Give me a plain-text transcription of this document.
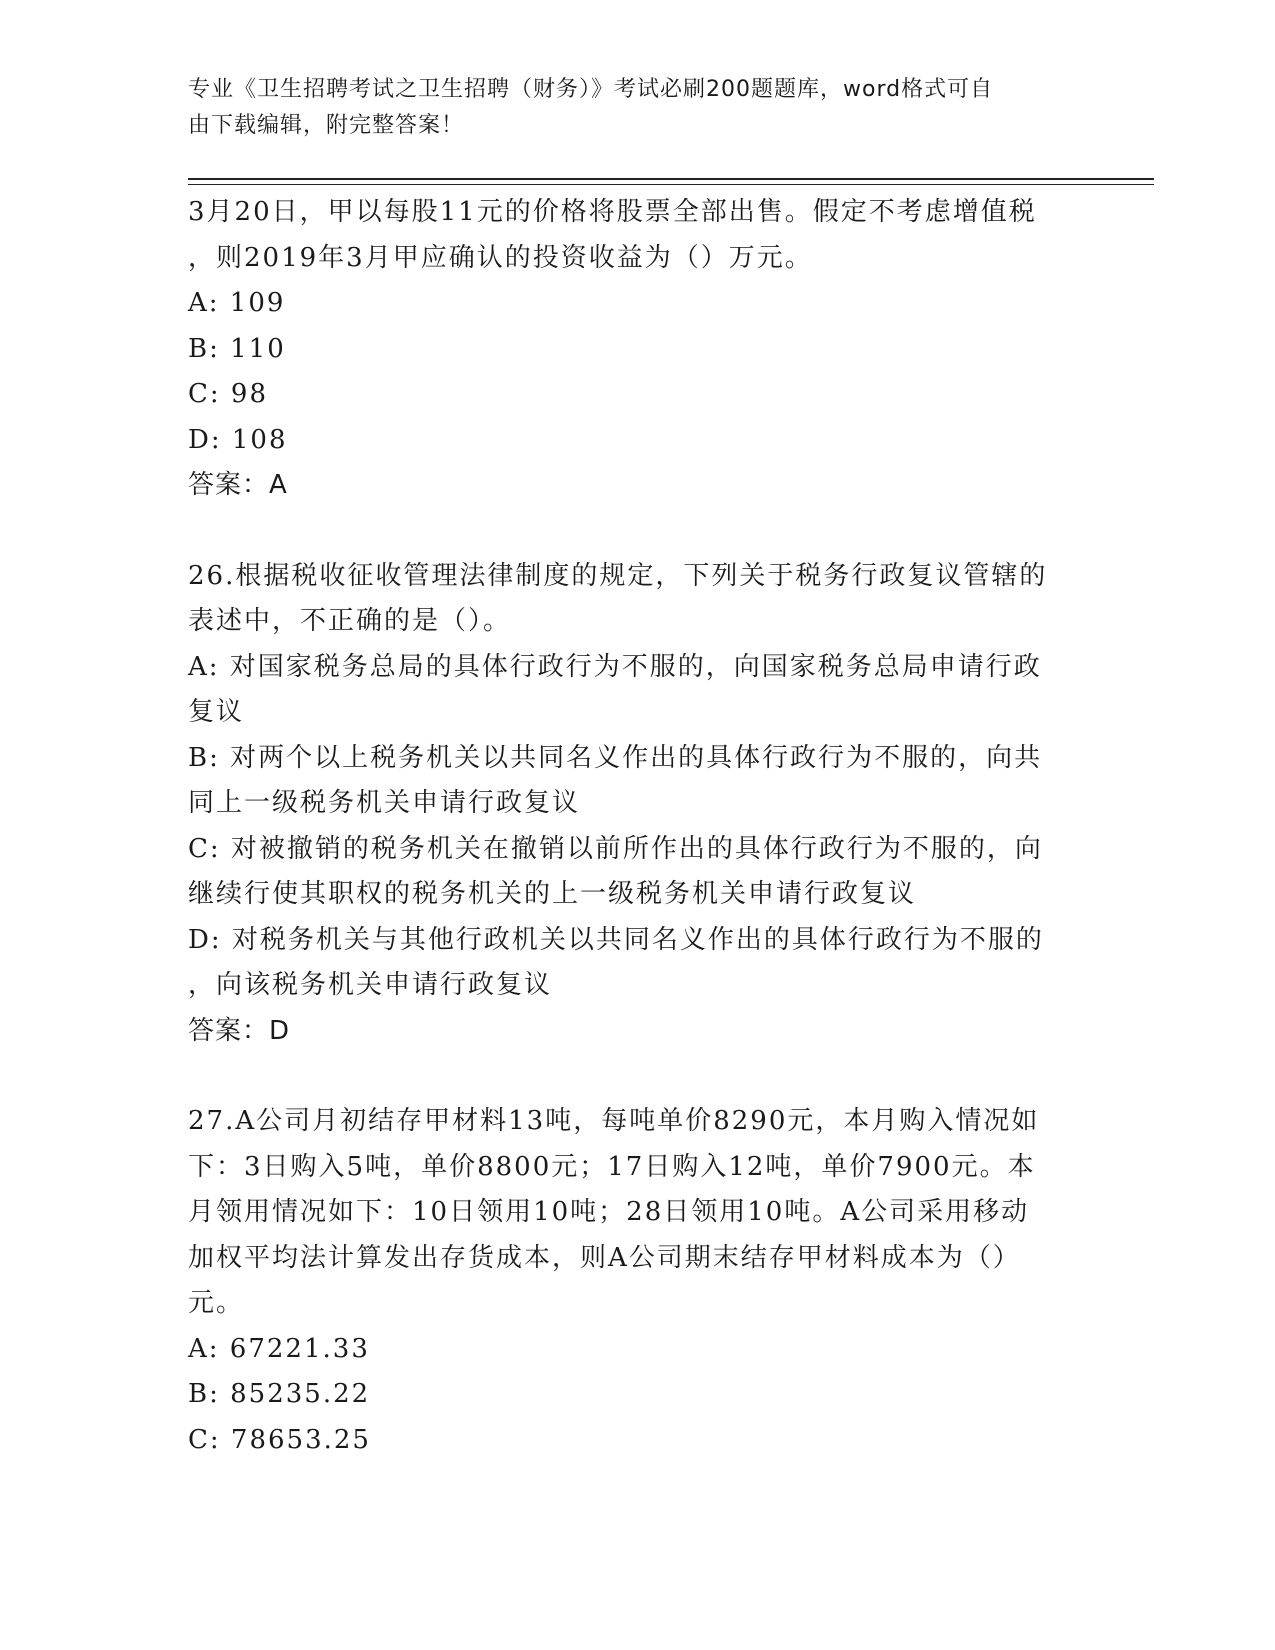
专业《卫生招聘考试之卫生招聘（财务）》考试必刷200题题库，word格式可自
由下载编辑，附完整答案！
3月20日，甲以每股11元的价格将股票全部出售。假定不考虑增值税
，则2019年3月甲应确认的投资收益为（）万元。
A: 109
B: 110
C: 98
D: 108
答案：A
26.根据税收征收管理法律制度的规定，下列关于税务行政复议管辖的
表述中，不正确的是（）。
A: 对国家税务总局的具体行政行为不服的，向国家税务总局申请行政
复议
B: 对两个以上税务机关以共同名义作出的具体行政行为不服的，向共
同上一级税务机关申请行政复议
C: 对被撤销的税务机关在撤销以前所作出的具体行政行为不服的，向
继续行使其职权的税务机关的上一级税务机关申请行政复议
D: 对税务机关与其他行政机关以共同名义作出的具体行政行为不服的
，向该税务机关申请行政复议
答案：D
27.A公司月初结存甲材料13吨，每吨单价8290元，本月购入情况如
下：3日购入5吨，单价8800元；17日购入12吨，单价7900元。本
月领用情况如下：10日领用10吨；28日领用10吨。A公司采用移动
加权平均法计算发出存货成本，则A公司期末结存甲材料成本为（）
元。
A: 67221.33
B: 85235.22
C: 78653.25
